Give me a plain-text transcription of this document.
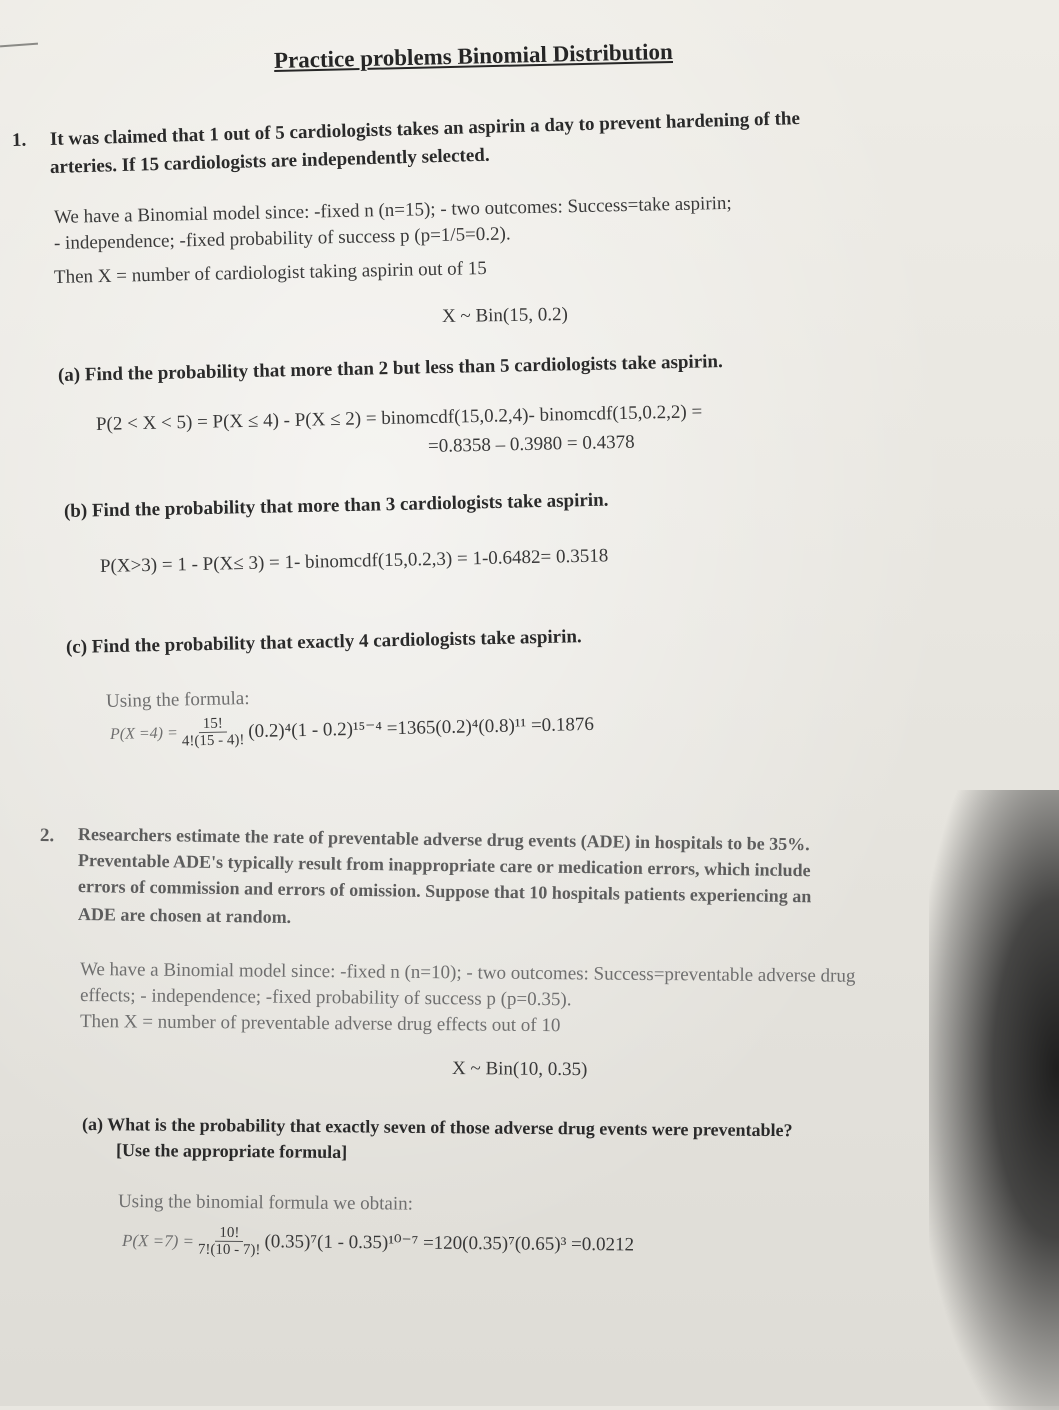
Practice problems Binomial Distribution
1. It was claimed that 1 out of 5 cardiologists takes an aspirin a day to prevent hardening of the
arteries. If 15 cardiologists are independently selected.
We have a Binomial model since: -fixed n (n=15); - two outcomes: Success=take aspirin;
- independence; -fixed probability of success p (p=1/5=0.2).
Then X = number of cardiologist taking aspirin out of 15
X ~ Bin(15, 0.2)
(a) Find the probability that more than 2 but less than 5 cardiologists take aspirin.
P(2 < X < 5) = P(X ≤ 4) - P(X ≤ 2) = binomcdf(15,0.2,4)- binomcdf(15,0.2,2) =
=0.8358 – 0.3980 = 0.4378
(b) Find the probability that more than 3 cardiologists take aspirin.
P(X>3) = 1 - P(X≤ 3) = 1- binomcdf(15,0.2,3) = 1-0.6482= 0.3518
(c) Find the probability that exactly 4 cardiologists take aspirin.
Using the formula:
$P(X =4) = \frac{15!}{4!(15 - 4)!} (0.2)^4(1 - 0.2)^{15-4} =1365(0.2)^4(0.8)^{11} =0.1876$
2. Researchers estimate the rate of preventable adverse drug events (ADE) in hospitals to be 35%.
Preventable ADE's typically result from inappropriate care or medication errors, which include
errors of commission and errors of omission. Suppose that 10 hospitals patients experiencing an
ADE are chosen at random.
We have a Binomial model since: -fixed n (n=10); - two outcomes: Success=preventable adverse drug
effects; - independence; -fixed probability of success p (p=0.35).
Then X = number of preventable adverse drug effects out of 10
X ~ Bin(10, 0.35)
(a) What is the probability that exactly seven of those adverse drug events were preventable?
[Use the appropriate formula]
Using the binomial formula we obtain:
$P(X =7) = \frac{10!}{7!(10 - 7)!} (0.35)^7(1 - 0.35)^{10-7} =120(0.35)^7(0.65)^3 =0.0212$
